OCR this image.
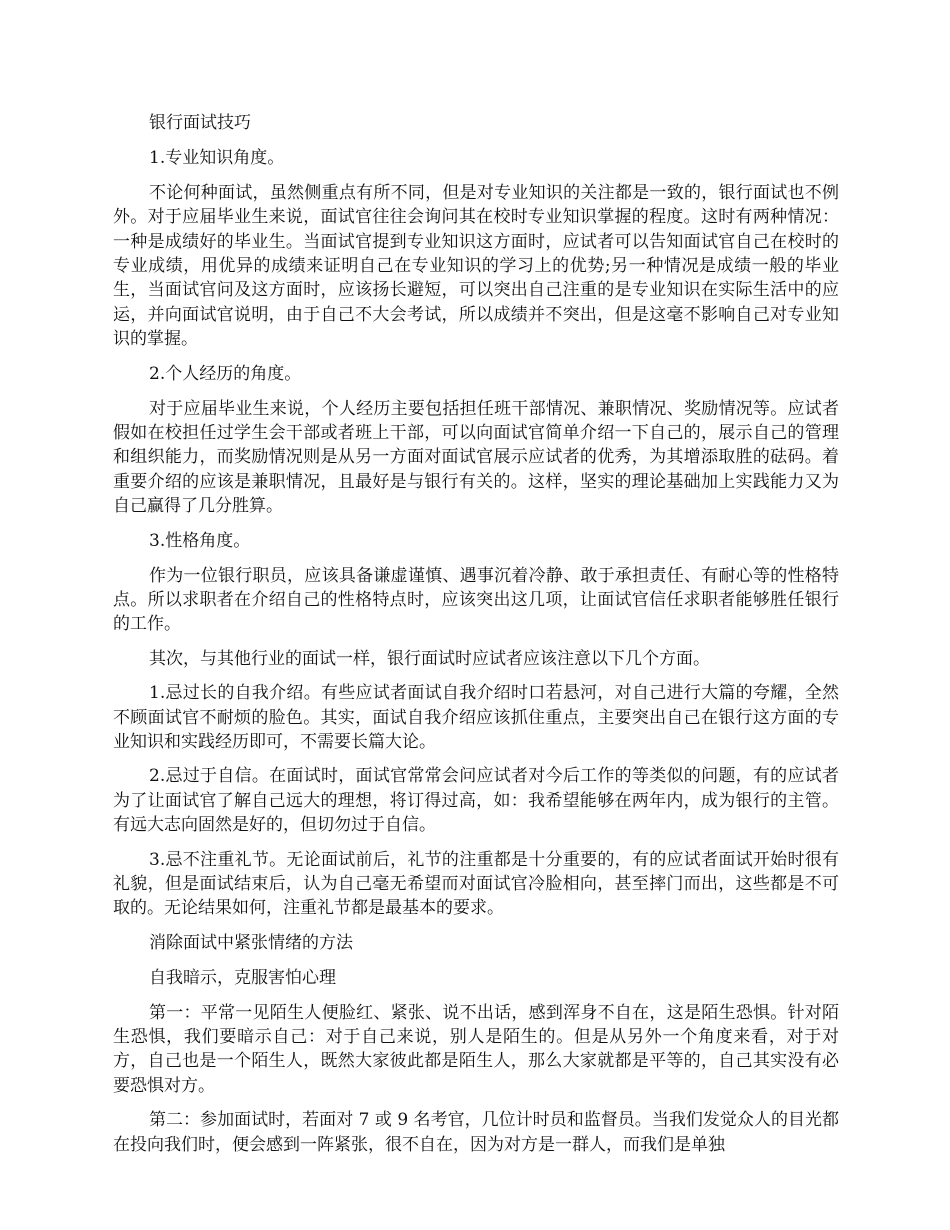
银行面试技巧

1.专业知识角度。

不论何种面试，虽然侧重点有所不同，但是对专业知识的关注都是一致的，银行面试也不例外。对于应届毕业生来说，面试官往往会询问其在校时专业知识掌握的程度。这时有两种情况：一种是成绩好的毕业生。当面试官提到专业知识这方面时，应试者可以告知面试官自己在校时的专业成绩，用优异的成绩来证明自己在专业知识的学习上的优势;另一种情况是成绩一般的毕业生，当面试官问及这方面时，应该扬长避短，可以突出自己注重的是专业知识在实际生活中的应运，并向面试官说明，由于自己不大会考试，所以成绩并不突出，但是这毫不影响自己对专业知识的掌握。

2.个人经历的角度。

对于应届毕业生来说，个人经历主要包括担任班干部情况、兼职情况、奖励情况等。应试者假如在校担任过学生会干部或者班上干部，可以向面试官简单介绍一下自己的，展示自己的管理和组织能力，而奖励情况则是从另一方面对面试官展示应试者的优秀，为其增添取胜的砝码。着重要介绍的应该是兼职情况，且最好是与银行有关的。这样，坚实的理论基础加上实践能力又为自己赢得了几分胜算。

3.性格角度。

作为一位银行职员，应该具备谦虚谨慎、遇事沉着冷静、敢于承担责任、有耐心等的性格特点。所以求职者在介绍自己的性格特点时，应该突出这几项，让面试官信任求职者能够胜任银行的工作。

其次，与其他行业的面试一样，银行面试时应试者应该注意以下几个方面。

1.忌过长的自我介绍。有些应试者面试自我介绍时口若悬河，对自己进行大篇的夸耀，全然不顾面试官不耐烦的脸色。其实，面试自我介绍应该抓住重点，主要突出自己在银行这方面的专业知识和实践经历即可，不需要长篇大论。

2.忌过于自信。在面试时，面试官常常会问应试者对今后工作的等类似的问题，有的应试者为了让面试官了解自己远大的理想，将订得过高，如：我希望能够在两年内，成为银行的主管。有远大志向固然是好的，但切勿过于自信。

3.忌不注重礼节。无论面试前后，礼节的注重都是十分重要的，有的应试者面试开始时很有礼貌，但是面试结束后，认为自己毫无希望而对面试官冷脸相向，甚至摔门而出，这些都是不可取的。无论结果如何，注重礼节都是最基本的要求。

消除面试中紧张情绪的方法

自我暗示，克服害怕心理

第一：平常一见陌生人便脸红、紧张、说不出话，感到浑身不自在，这是陌生恐惧。针对陌生恐惧，我们要暗示自己：对于自己来说，别人是陌生的。但是从另外一个角度来看，对于对方，自己也是一个陌生人，既然大家彼此都是陌生人，那么大家就都是平等的，自己其实没有必要恐惧对方。

第二：参加面试时，若面对 7 或 9 名考官，几位计时员和监督员。当我们发觉众人的目光都在投向我们时，便会感到一阵紧张，很不自在，因为对方是一群人，而我们是单独
